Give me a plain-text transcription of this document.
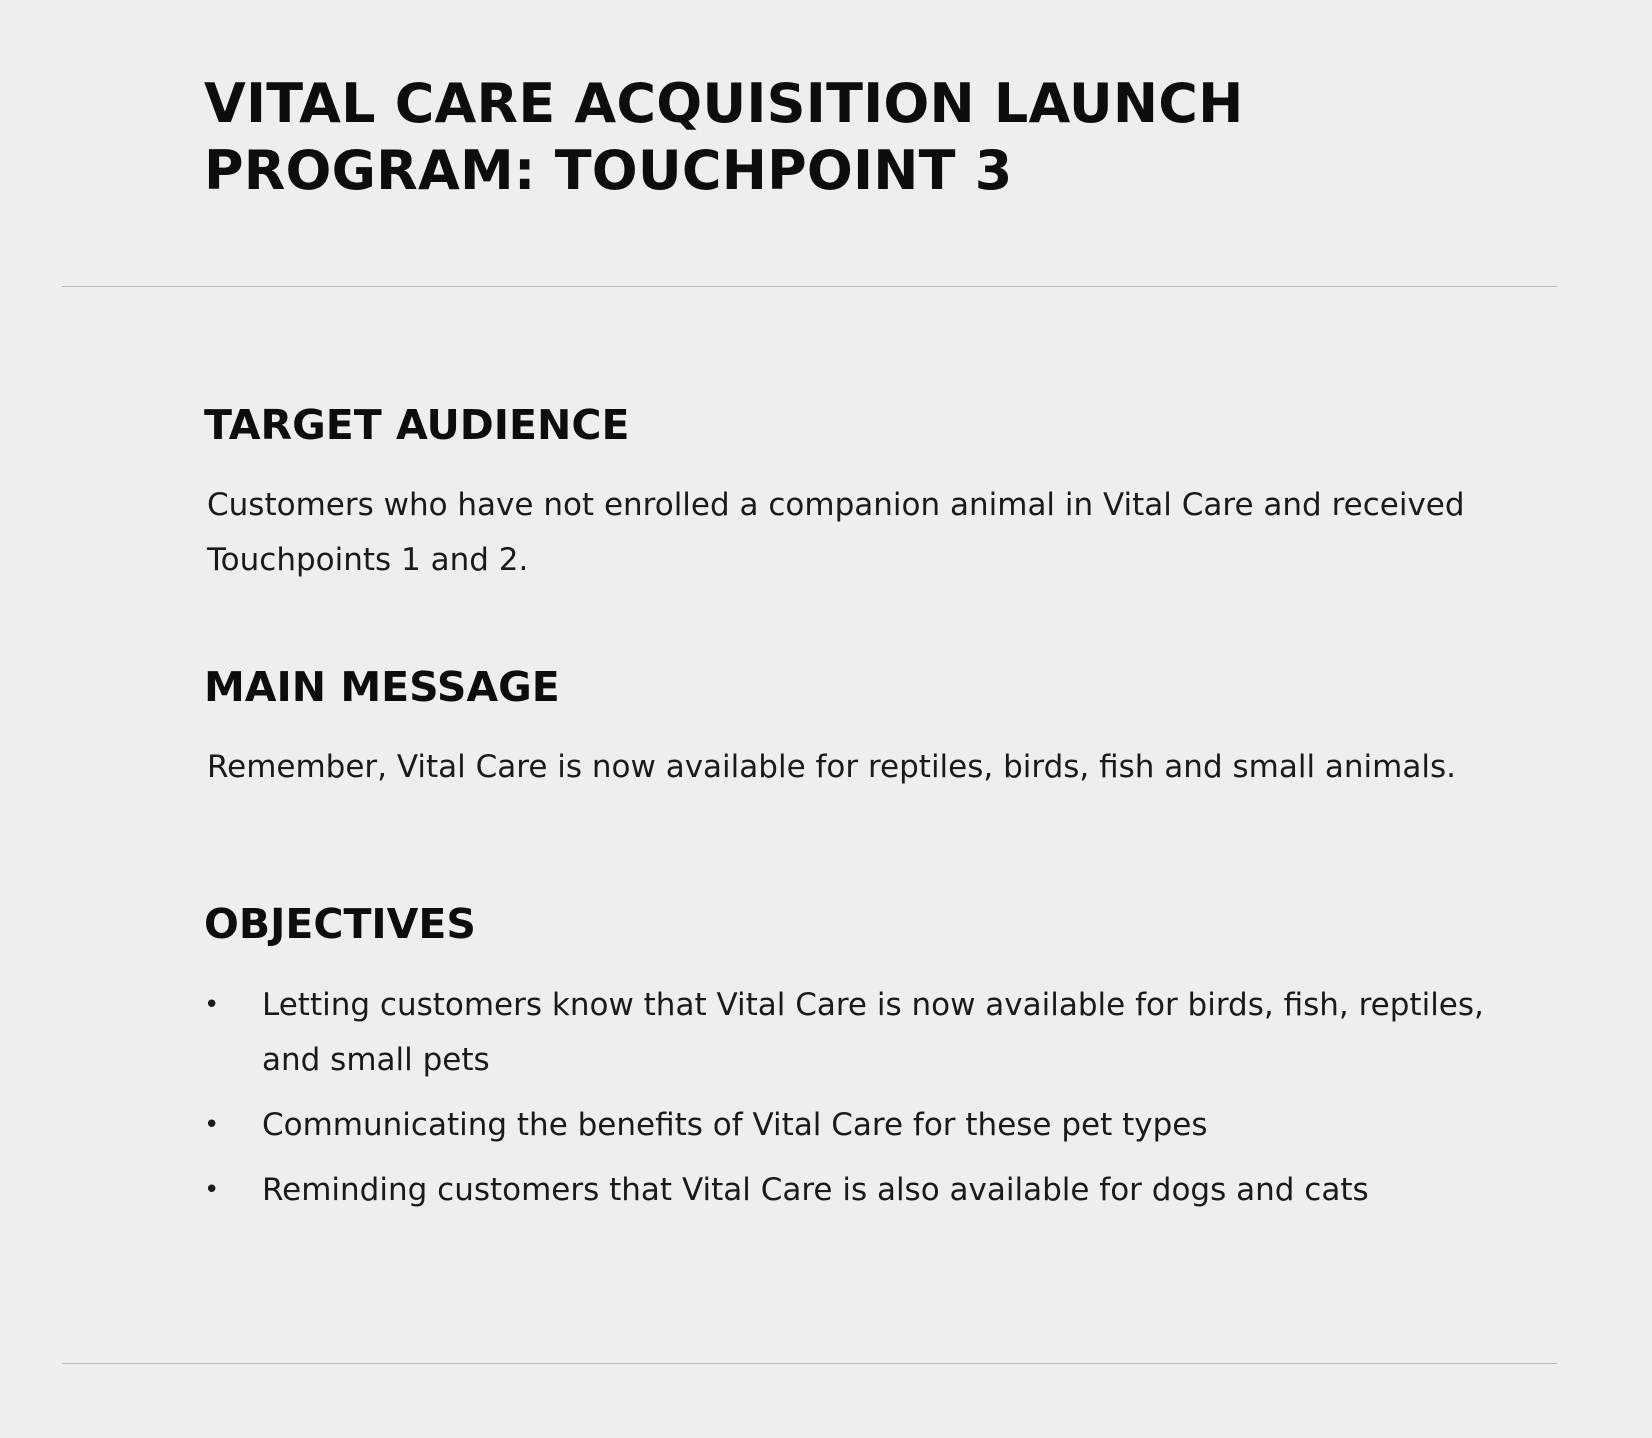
VITAL CARE ACQUISITION LAUNCH PROGRAM: TOUCHPOINT 3
TARGET AUDIENCE

Customers who have not enrolled a companion animal in Vital Care and received Touchpoints 1 and 2.

MAIN MESSAGE

Remember, Vital Care is now available for reptiles, birds, fish and small animals.

OBJECTIVES
• Letting customers know that Vital Care is now available for birds, fish, reptiles, and small pets
• Communicating the benefits of Vital Care for these pet types
• Reminding customers that Vital Care is also available for dogs and cats
